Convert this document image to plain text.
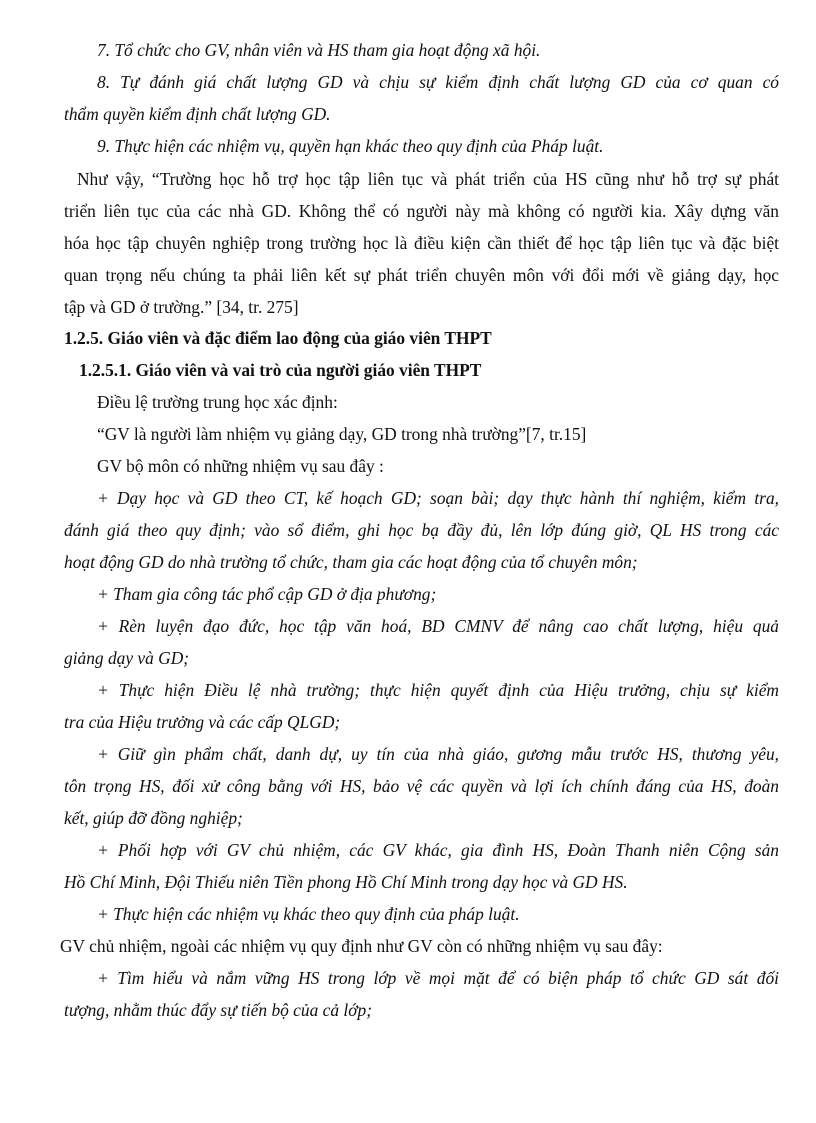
7. Tổ chức cho GV, nhân viên và HS tham gia hoạt động xã hội.
8. Tự đánh giá chất lượng GD và chịu sự kiểm định chất lượng GD của cơ quan có
thẩm quyền kiểm định chất lượng GD.
9. Thực hiện các nhiệm vụ, quyền hạn khác theo quy định của Pháp luật.
Như vậy, “Trường học hỗ trợ học tập liên tục và phát triển của HS cũng như hỗ trợ sự phát
triển liên tục của các nhà GD. Không thể có người này mà không có người kia. Xây dựng văn
hóa học tập chuyên nghiệp trong trường học là điều kiện cần thiết để học tập liên tục và đặc biệt
quan trọng nếu chúng ta phải liên kết sự phát triển chuyên môn với đổi mới về giảng dạy, học
tập và GD ở trường.” [34, tr. 275]
1.2.5. Giáo viên và đặc điểm lao động của giáo viên THPT
1.2.5.1. Giáo viên và vai trò của người giáo viên THPT
Điều lệ trường trung học xác định:
“GV là người làm nhiệm vụ giảng dạy, GD trong nhà trường”[7, tr.15]
GV bộ môn có những nhiệm vụ sau đây :
+ Dạy học và GD theo CT, kế hoạch GD; soạn bài; dạy thực hành thí nghiệm, kiểm tra,
đánh giá theo quy định; vào sổ điểm, ghi học bạ đầy đủ, lên lớp đúng giờ, QL HS trong các
hoạt động GD do nhà trường tổ chức, tham gia các hoạt động của tổ chuyên môn;
+ Tham gia công tác phổ cập GD ở địa phương;
+ Rèn luyện đạo đức, học tập văn hoá, BD CMNV để nâng cao chất lượng, hiệu quả
giảng dạy và GD;
+ Thực hiện Điều lệ nhà trường; thực hiện quyết định của Hiệu trưởng, chịu sự kiểm
tra của Hiệu trưởng và các cấp QLGD;
+ Giữ gìn phẩm chất, danh dự, uy tín của nhà giáo, gương mẫu trước HS, thương yêu,
tôn trọng HS, đối xử công bằng với HS, bảo vệ các quyền và lợi ích chính đáng của HS, đoàn
kết, giúp đỡ đồng nghiệp;
+ Phối hợp với GV chủ nhiệm, các GV khác, gia đình HS, Đoàn Thanh niên Cộng sản
Hồ Chí Minh, Đội Thiếu niên Tiền phong Hồ Chí Minh trong dạy học và GD HS.
+ Thực hiện các nhiệm vụ khác theo quy định của pháp luật.
GV chủ nhiệm, ngoài các nhiệm vụ quy định như GV còn có những nhiệm vụ sau đây:
+ Tìm hiểu và nắm vững HS trong lớp về mọi mặt để có biện pháp tổ chức GD sát đối
tượng, nhằm thúc đẩy sự tiến bộ của cả lớp;
